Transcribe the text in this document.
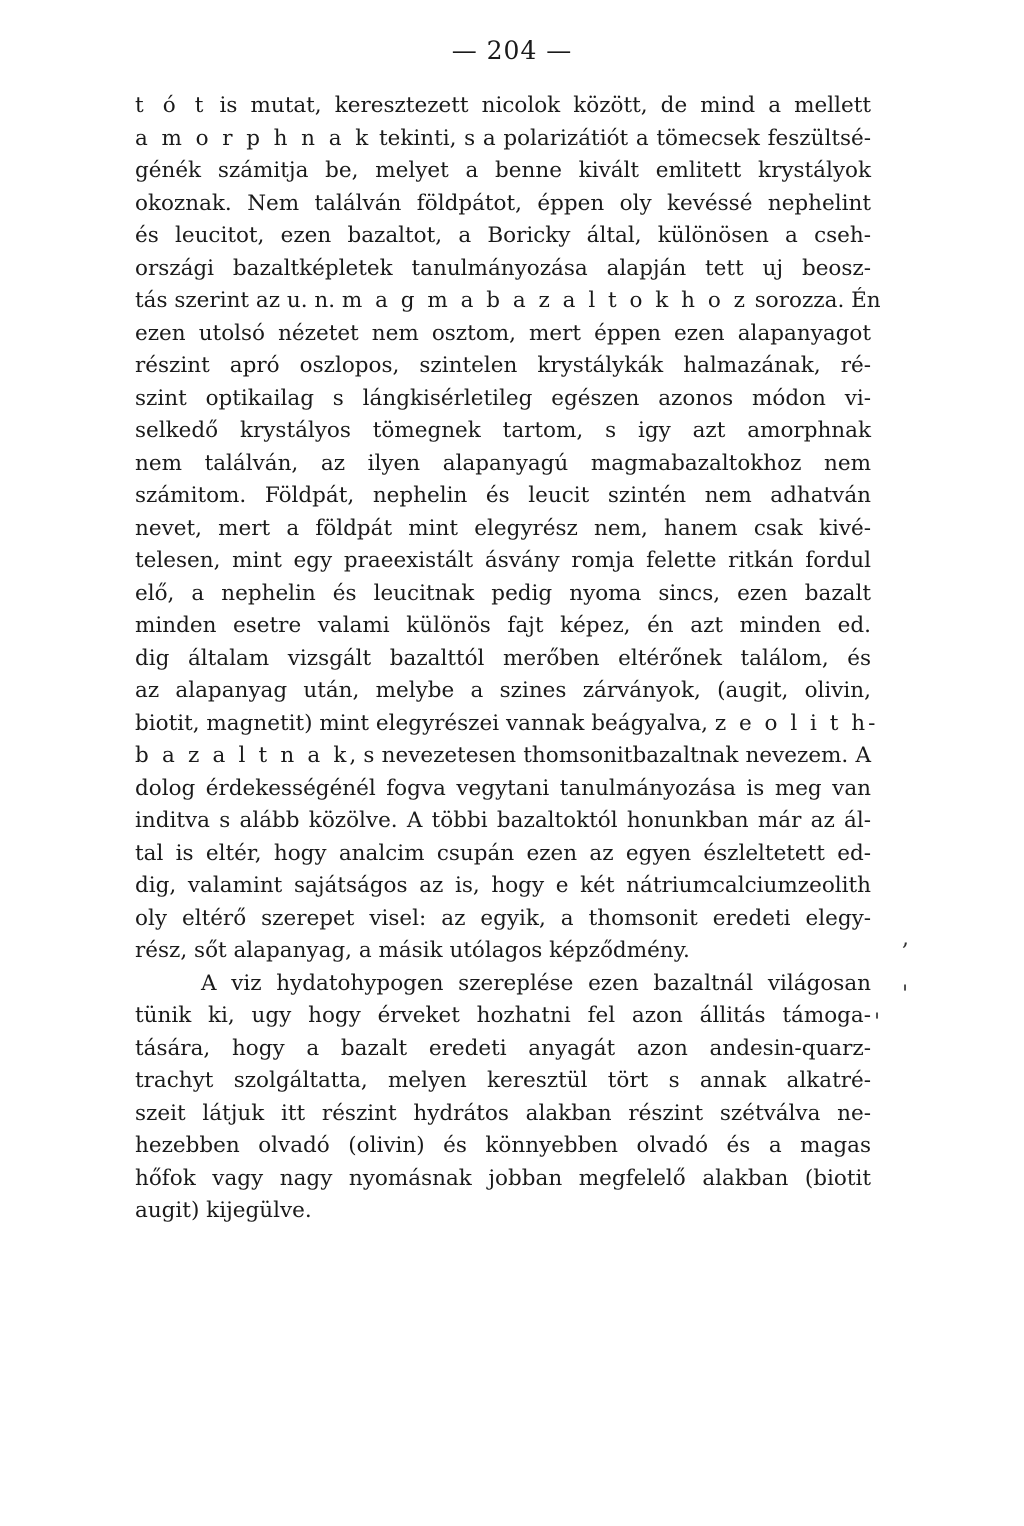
— 204 —
t ó t is mutat, keresztezett nicolok között, de mind a mellett
a m o r p h n a k tekinti, s a polarizátiót a tömecsek feszültsé-
génék számitja be, melyet a benne kivált emlitett krystályok
okoznak. Nem találván földpátot, éppen oly kevéssé nephelint
és leucitot, ezen bazaltot, a Boricky által, különösen a cseh-
országi bazaltképletek tanulmányozása alapján tett uj beosz-
tás szerint az u. n. m a g m a b a z a l t o k h o z sorozza. Én
ezen utolsó nézetet nem osztom, mert éppen ezen alapanyagot
részint apró oszlopos, szintelen krystálykák halmazának, ré-
szint optikailag s lángkisérletileg egészen azonos módon vi-
selkedő krystályos tömegnek tartom, s igy azt amorphnak
nem találván, az ilyen alapanyagú magmabazaltokhoz nem
számitom. Földpát, nephelin és leucit szintén nem adhatván
nevet, mert a földpát mint elegyrész nem, hanem csak kivé-
telesen, mint egy praeexistált ásvány romja felette ritkán fordul
elő, a nephelin és leucitnak pedig nyoma sincs, ezen bazalt
minden esetre valami különös fajt képez, én azt minden ed.
dig általam vizsgált bazalttól merőben eltérőnek találom, és
az alapanyag után, melybe a szines zárványok, (augit, olivin,
biotit, magnetit) mint elegyrészei vannak beágyalva, z e o l i t h-
b a z a l t n a k, s nevezetesen thomsonitbazaltnak nevezem. A
dolog érdekességénél fogva vegytani tanulmányozása is meg van
inditva s alább közölve. A többi bazaltoktól honunkban már az ál-
tal is eltér, hogy analcim csupán ezen az egyen észleltetett ed-
dig, valamint sajátságos az is, hogy e két nátriumcalciumzeolith
oly eltérő szerepet visel: az egyik, a thomsonit eredeti elegy-
rész, sőt alapanyag, a másik utólagos képződmény.
A viz hydatohypogen szereplése ezen bazaltnál világosan
tünik ki, ugy hogy érveket hozhatni fel azon állitás támoga-
tására, hogy a bazalt eredeti anyagát azon andesin-quarz-
trachyt szolgáltatta, melyen keresztül tört s annak alkatré-
szeit látjuk itt részint hydrátos alakban részint szétválva ne-
hezebben olvadó (olivin) és könnyebben olvadó és a magas
hőfok vagy nagy nyomásnak jobban megfelelő alakban (biotit
augit) kijegülve.
,
'
'
